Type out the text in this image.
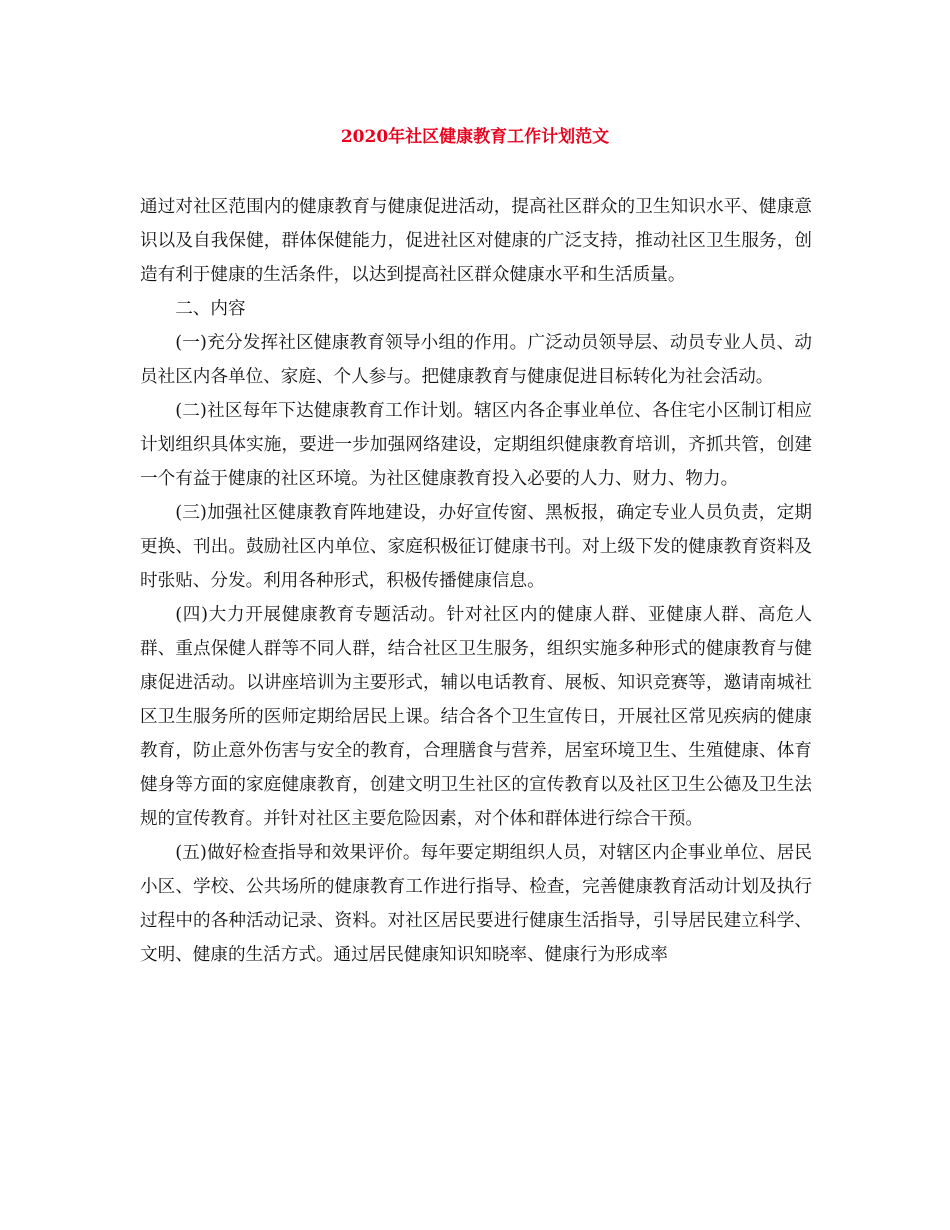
2020年社区健康教育工作计划范文

通过对社区范围内的健康教育与健康促进活动，提高社区群众的卫生知识水平、健康意识以及自我保健，群体保健能力，促进社区对健康的广泛支持，推动社区卫生服务，创造有利于健康的生活条件，以达到提高社区群众健康水平和生活质量。

二、内容

(一)充分发挥社区健康教育领导小组的作用。广泛动员领导层、动员专业人员、动员社区内各单位、家庭、个人参与。把健康教育与健康促进目标转化为社会活动。

(二)社区每年下达健康教育工作计划。辖区内各企事业单位、各住宅小区制订相应计划组织具体实施，要进一步加强网络建设，定期组织健康教育培训，齐抓共管，创建一个有益于健康的社区环境。为社区健康教育投入必要的人力、财力、物力。

(三)加强社区健康教育阵地建设，办好宣传窗、黑板报，确定专业人员负责，定期更换、刊出。鼓励社区内单位、家庭积极征订健康书刊。对上级下发的健康教育资料及时张贴、分发。利用各种形式，积极传播健康信息。

(四)大力开展健康教育专题活动。针对社区内的健康人群、亚健康人群、高危人群、重点保健人群等不同人群，结合社区卫生服务，组织实施多种形式的健康教育与健康促进活动。以讲座培训为主要形式，辅以电话教育、展板、知识竞赛等，邀请南城社区卫生服务所的医师定期给居民上课。结合各个卫生宣传日，开展社区常见疾病的健康教育，防止意外伤害与安全的教育，合理膳食与营养，居室环境卫生、生殖健康、体育健身等方面的家庭健康教育，创建文明卫生社区的宣传教育以及社区卫生公德及卫生法规的宣传教育。并针对社区主要危险因素，对个体和群体进行综合干预。

(五)做好检查指导和效果评价。每年要定期组织人员，对辖区内企事业单位、居民小区、学校、公共场所的健康教育工作进行指导、检查，完善健康教育活动计划及执行过程中的各种活动记录、资料。对社区居民要进行健康生活指导，引导居民建立科学、文明、健康的生活方式。通过居民健康知识知晓率、健康行为形成率
